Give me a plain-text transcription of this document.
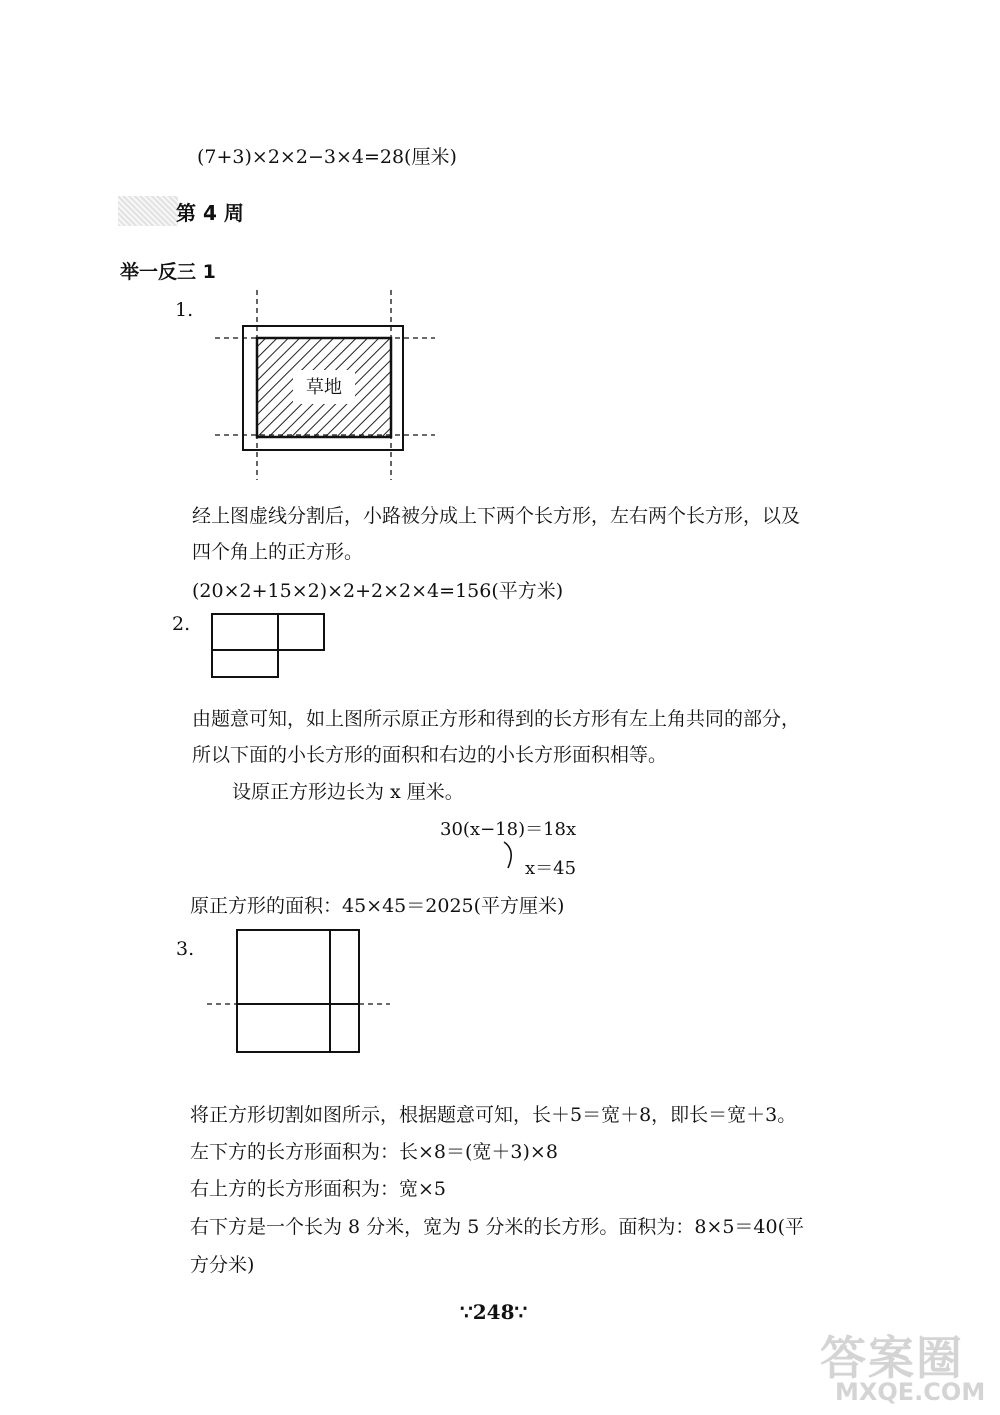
(7+3)×2×2−3×4=28(厘米)
第 4 周
举一反三 1
1.
草地
经上图虚线分割后，小路被分成上下两个长方形，左右两个长方形，以及
四个角上的正方形。
(20×2+15×2)×2+2×2×4=156(平方米)
2.
由题意可知，如上图所示原正方形和得到的长方形有左上角共同的部分，
所以下面的小长方形的面积和右边的小长方形面积相等。
设原正方形边长为 x 厘米。
30(x−18)＝18x
x＝45
原正方形的面积：45×45＝2025(平方厘米)
3.
将正方形切割如图所示，根据题意可知，长＋5＝宽＋8，即长＝宽＋3。
左下方的长方形面积为：长×8＝(宽＋3)×8
右上方的长方形面积为：宽×5
右下方是一个长为 8 分米，宽为 5 分米的长方形。面积为：8×5＝40(平
方分米)
∵248∵
答案圈
MXQE.COM
